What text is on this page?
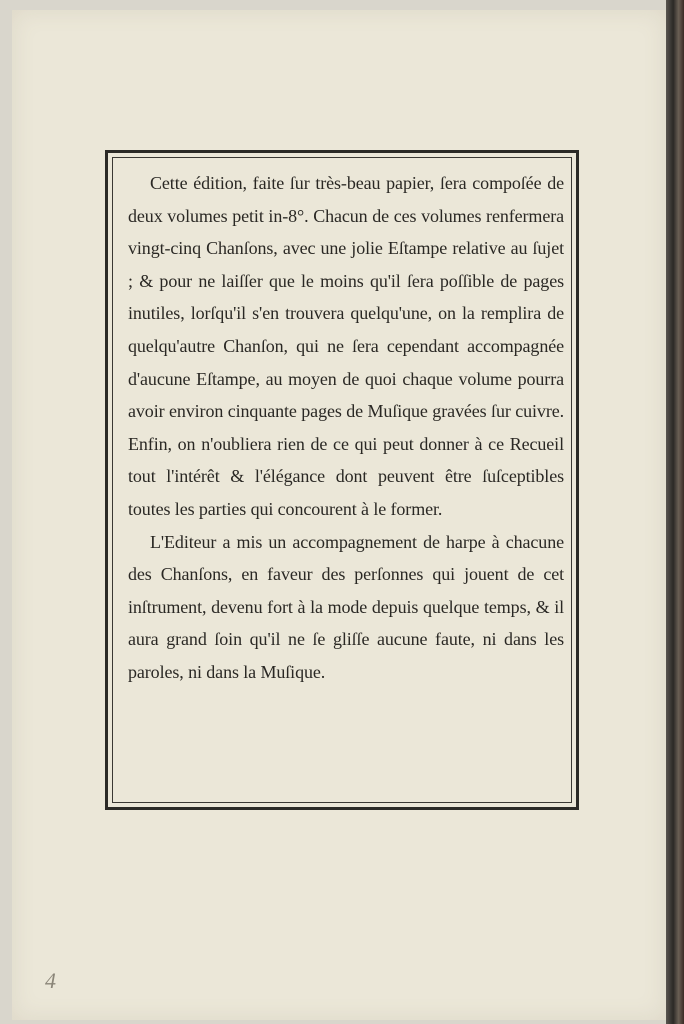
Cette édition, faite ſur très-beau papier, ſera compoſée de deux volumes petit in-8°. Chacun de ces volumes renfermera vingt-cinq Chanſons, avec une jolie Eſtampe relative au ſujet ; & pour ne laiſſer que le moins qu'il ſera poſſible de pages inutiles, lorſqu'il s'en trouvera quelqu'une, on la remplira de quelqu'autre Chanſon, qui ne ſera cependant accompagnée d'aucune Eſtampe, au moyen de quoi chaque volume pourra avoir environ cinquante pages de Muſique gravées ſur cuivre. Enfin, on n'oubliera rien de ce qui peut donner à ce Recueil tout l'intérêt & l'élégance dont peuvent être ſuſceptibles toutes les parties qui concourent à le former.

L'Editeur a mis un accompagnement de harpe à chacune des Chanſons, en faveur des perſonnes qui jouent de cet inſtrument, devenu fort à la mode depuis quelque temps, & il aura grand ſoin qu'il ne ſe gliſſe aucune faute, ni dans les paroles, ni dans la Muſique.

4
